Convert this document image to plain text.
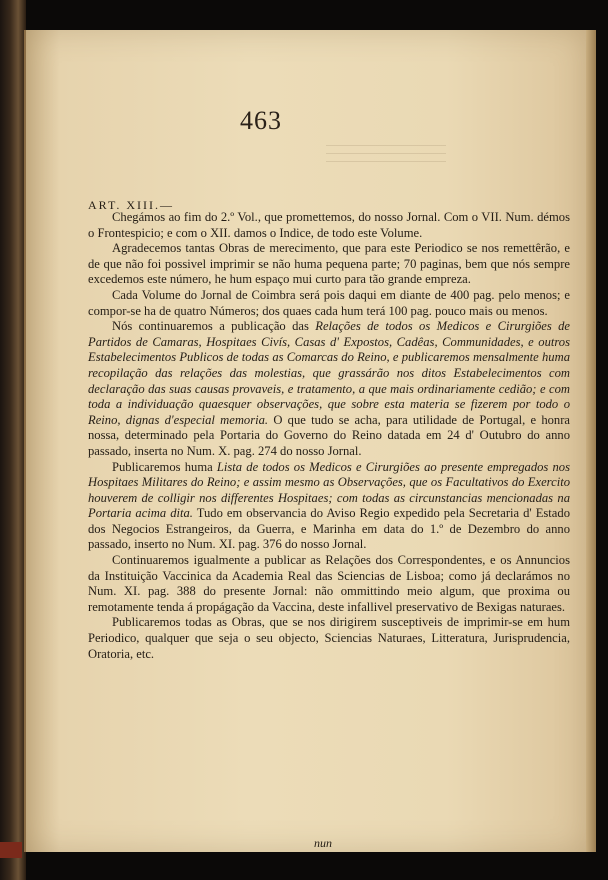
463
ART. XIII.—

Chegámos ao fim do 2.º Vol., que promettemos, do nosso Jornal. Com o VII. Num. démos o Frontespicio; e com o XII. damos o Indice, de todo este Volume.

Agradecemos tantas Obras de merecimento, que para este Periodico se nos remettêrão, e de que não foi possivel imprimir se não huma pequena parte; 70 paginas, bem que nós sempre excedemos este número, he hum espaço mui curto para tão grande empreza.

Cada Volume do Jornal de Coimbra será pois daqui em diante de 400 pag. pelo menos; e compor-se ha de quatro Números; dos quaes cada hum terá 100 pag. pouco mais ou menos.

Nós continuaremos a publicação das Relações de todos os Medicos e Cirurgiões de Partidos de Camaras, Hospitaes Civís, Casas d' Expostos, Cadêas, Communidades, e outros Estabelecimentos Publicos de todas as Comarcas do Reino, e publicaremos mensalmente huma recopilação das relações das molestias, que grassárão nos ditos Estabelecimentos com declaração das suas causas provaveis, e tratamento, a que mais ordinariamente cedião; e com toda a individuação quaesquer observações, que sobre esta materia se fizerem por todo o Reino, dignas d'especial memoria. O que tudo se acha, para utilidade de Portugal, e honra nossa, determinado pela Portaria do Governo do Reino datada em 24 d' Outubro do anno passado, inserta no Num. X. pag. 274 do nosso Jornal.

Publicaremos huma Lista de todos os Medicos e Cirurgiões ao presente empregados nos Hospitaes Militares do Reino; e assim mesmo as Observações, que os Facultativos do Exercito houverem de colligir nos differentes Hospitaes; com todas as circunstancias mencionadas na Portaria acima dita. Tudo em observancia do Aviso Regio expedido pela Secretaria d' Estado dos Negocios Estrangeiros, da Guerra, e Marinha em data do 1.º de Dezembro do anno passado, inserto no Num. XI. pag. 376 do nosso Jornal.

Continuaremos igualmente a publicar as Relações dos Correspondentes, e os Annuncios da Instituição Vaccinica da Academia Real das Sciencias de Lisboa; como já declarámos no Num. XI. pag. 388 do presente Jornal: não ommittindo meio algum, que proxima ou remotamente tenda á propágação da Vaccina, deste infallivel preservativo de Bexigas naturaes.

Publicaremos todas as Obras, que se nos dirigirem susceptiveis de imprimir-se em hum Periodico, qualquer que seja o seu objecto, Sciencias Naturaes, Litteratura, Jurisprudencia, Oratoria, etc.

nun
